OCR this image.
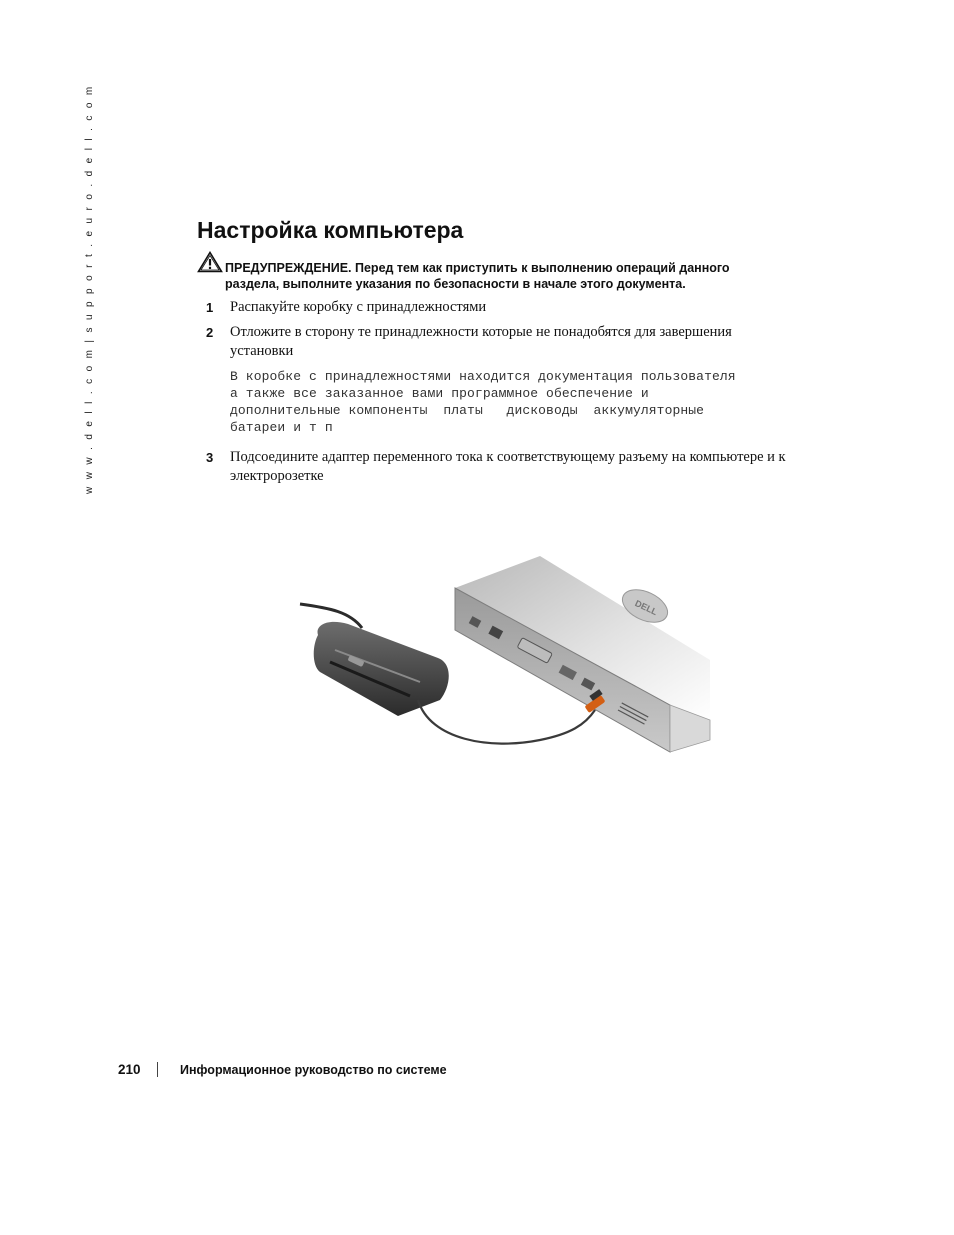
w w w . d e l l . c o m | s u p p o r t . e u r o . d e l l . c o m	Настройка компьютера
ПРЕДУПРЕЖДЕНИЕ. Перед тем как приступить к выполнению операций данного
раздела, выполните указания по безопасности в начале этого документа.
1	Распакуйте коробку с принадлежностями
2	Отложите в сторону те принадлежности которые не понадобятся для завершения
установки
В коробке с принадлежностями находится документация пользователя
а также все заказанное вами программное обеспечение и
дополнительные компоненты  платы   дисководы  аккумуляторные
батареи и т п
3	Подсоедините адаптер переменного тока к соответствующему разъему на компьютере и к
электророзетке
DELL
210	Информационное руководство по системе
